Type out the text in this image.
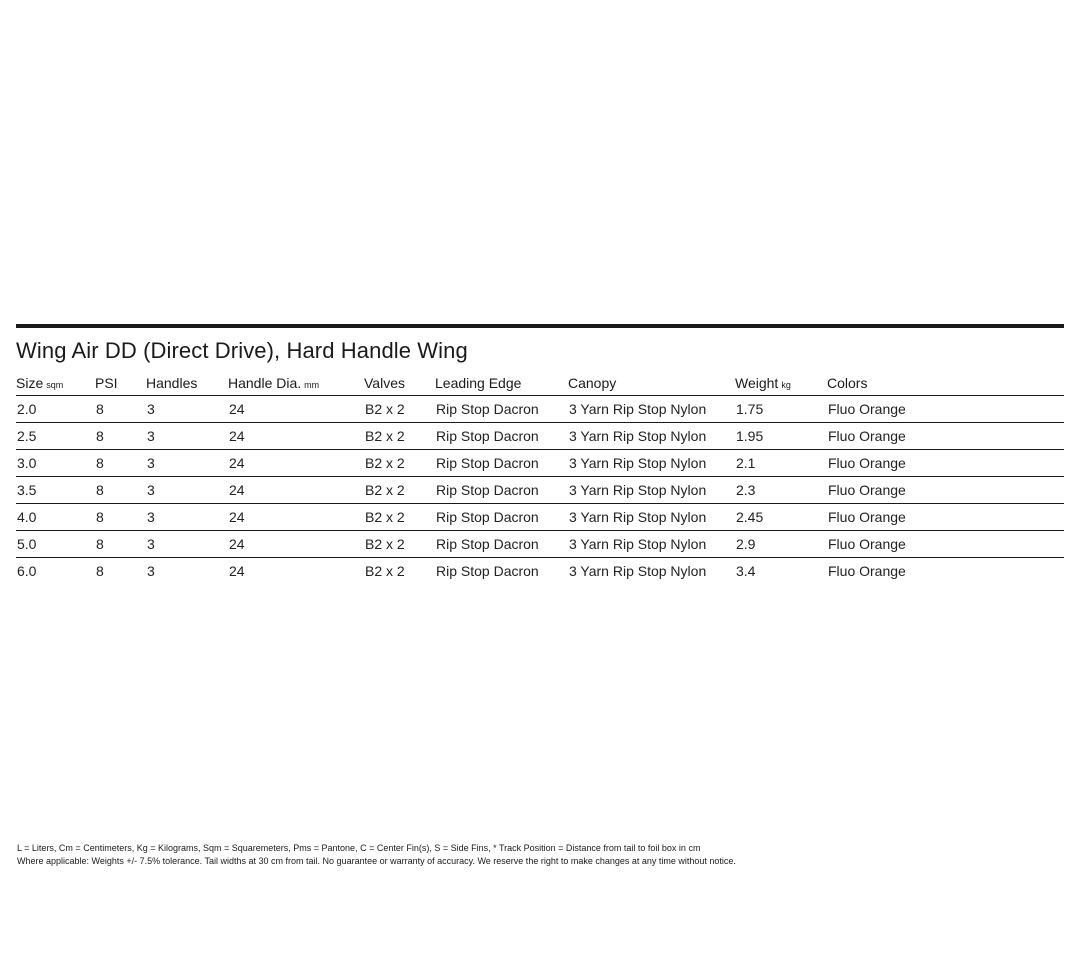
Wing Air DD (Direct Drive), Hard Handle Wing
Size sqm	PSI	Handles	Handle Dia. mm	Valves	Leading Edge	Canopy	Weight kg	Colors
2.0	8	3	24	B2 x 2	Rip Stop Dacron	3 Yarn Rip Stop Nylon	1.75	Fluo Orange
2.5	8	3	24	B2 x 2	Rip Stop Dacron	3 Yarn Rip Stop Nylon	1.95	Fluo Orange
3.0	8	3	24	B2 x 2	Rip Stop Dacron	3 Yarn Rip Stop Nylon	2.1	Fluo Orange
3.5	8	3	24	B2 x 2	Rip Stop Dacron	3 Yarn Rip Stop Nylon	2.3	Fluo Orange
4.0	8	3	24	B2 x 2	Rip Stop Dacron	3 Yarn Rip Stop Nylon	2.45	Fluo Orange
5.0	8	3	24	B2 x 2	Rip Stop Dacron	3 Yarn Rip Stop Nylon	2.9	Fluo Orange
6.0	8	3	24	B2 x 2	Rip Stop Dacron	3 Yarn Rip Stop Nylon	3.4	Fluo Orange
L = Liters, Cm = Centimeters, Kg = Kilograms, Sqm = Squaremeters, Pms = Pantone, C = Center Fin(s), S = Side Fins, * Track Position = Distance from tail to foil box in cm
Where applicable: Weights +/- 7.5% tolerance. Tail widths at 30 cm from tail. No guarantee or warranty of accuracy. We reserve the right to make changes at any time without notice.
